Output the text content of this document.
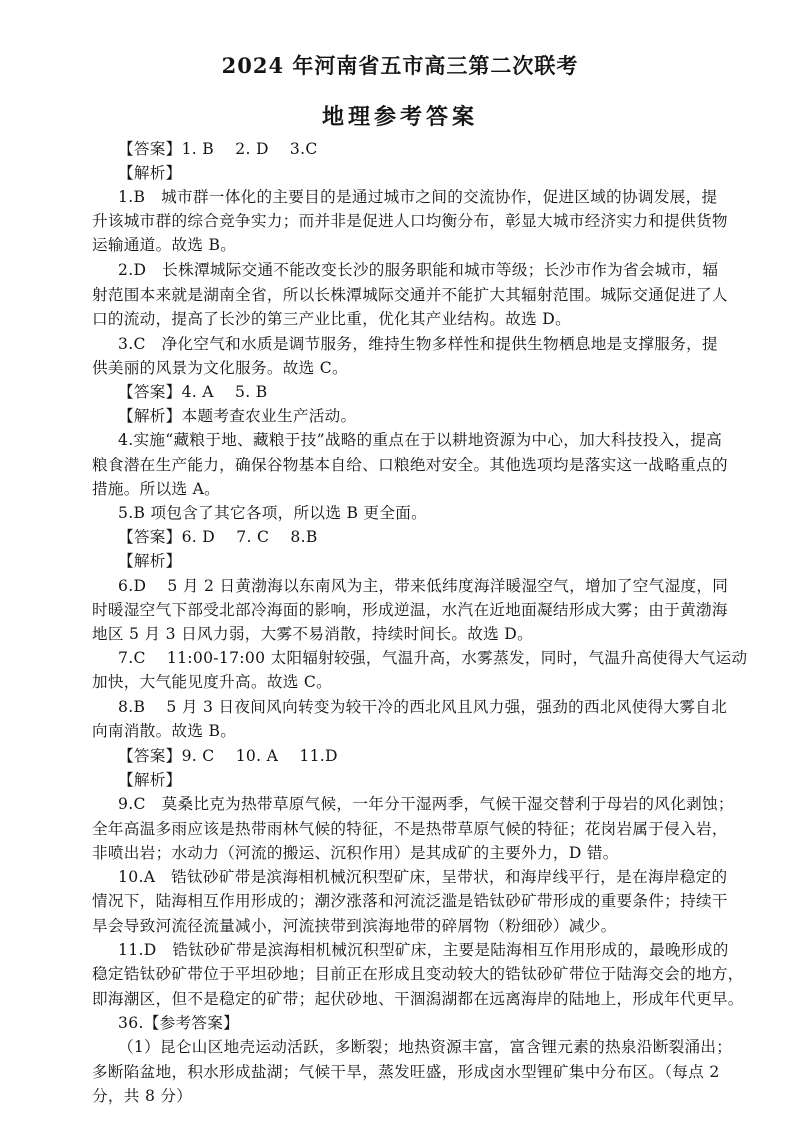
2024 年河南省五市高三第二次联考
地理参考答案
【答案】1. B　 2. D　 3.C
【解析】
1.B　城市群一体化的主要目的是通过城市之间的交流协作，促进区域的协调发展，提
升该城市群的综合竞争实力；而并非是促进人口均衡分布，彰显大城市经济实力和提供货物
运输通道。故选 B。
2.D　长株潭城际交通不能改变长沙的服务职能和城市等级；长沙市作为省会城市，辐
射范围本来就是湖南全省，所以长株潭城际交通并不能扩大其辐射范围。城际交通促进了人
口的流动，提高了长沙的第三产业比重，优化其产业结构。故选 D。
3.C　净化空气和水质是调节服务，维持生物多样性和提供生物栖息地是支撑服务，提
供美丽的风景为文化服务。故选 C。
【答案】4. A　 5. B
【解析】本题考查农业生产活动。
4.实施“藏粮于地、藏粮于技”战略的重点在于以耕地资源为中心，加大科技投入，提高
粮食潜在生产能力，确保谷物基本自给、口粮绝对安全。其他选项均是落实这一战略重点的
措施。所以选 A。
5.B 项包含了其它各项，所以选 B 更全面。
【答案】6. D　 7. C　 8.B
【解析】
6.D　 5 月 2 日黄渤海以东南风为主，带来低纬度海洋暖湿空气，增加了空气湿度，同
时暖湿空气下部受北部冷海面的影响，形成逆温，水汽在近地面凝结形成大雾；由于黄渤海
地区 5 月 3 日风力弱，大雾不易消散，持续时间长。故选 D。
7.C　 11:00-17:00 太阳辐射较强，气温升高，水雾蒸发，同时，气温升高使得大气运动
加快，大气能见度升高。故选 C。
8.B　 5 月 3 日夜间风向转变为较干冷的西北风且风力强，强劲的西北风使得大雾自北
向南消散。故选 B。
【答案】9. C　 10. A　 11.D
【解析】
9.C　莫桑比克为热带草原气候，一年分干湿两季，气候干湿交替利于母岩的风化剥蚀；
全年高温多雨应该是热带雨林气候的特征，不是热带草原气候的特征；花岗岩属于侵入岩，
非喷出岩；水动力（河流的搬运、沉积作用）是其成矿的主要外力，D 错。
10.A　锆钛砂矿带是滨海相机械沉积型矿床，呈带状，和海岸线平行，是在海岸稳定的
情况下，陆海相互作用形成的；潮汐涨落和河流泛滥是锆钛砂矿带形成的重要条件；持续干
旱会导致河流径流量减小，河流挟带到滨海地带的碎屑物（粉细砂）减少。
11.D　锆钛砂矿带是滨海相机械沉积型矿床，主要是陆海相互作用形成的，最晚形成的
稳定锆钛砂矿带位于平坦砂地；目前正在形成且变动较大的锆钛砂矿带位于陆海交会的地方，
即海潮区，但不是稳定的矿带；起伏砂地、干涸潟湖都在远离海岸的陆地上，形成年代更早。
36.【参考答案】
（1）昆仑山区地壳运动活跃，多断裂；地热资源丰富，富含锂元素的热泉沿断裂涌出；
多断陷盆地，积水形成盐湖；气候干旱，蒸发旺盛，形成卤水型锂矿集中分布区。（每点 2
分，共 8 分）
